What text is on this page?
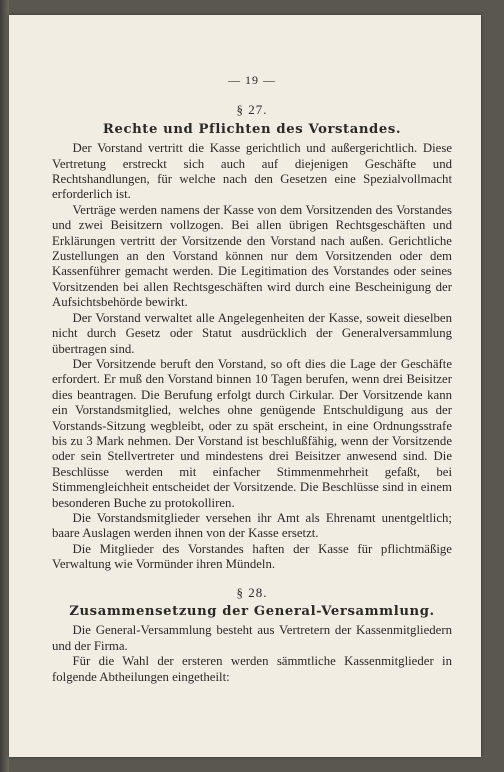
— 19 —
§ 27.
Rechte und Pflichten des Vorstandes.

Der Vorstand vertritt die Kasse gerichtlich und außergerichtlich. Diese Vertretung erstreckt sich auch auf diejenigen Geschäfte und Rechtshandlungen, für welche nach den Gesetzen eine Spezialvollmacht erforderlich ist.

Verträge werden namens der Kasse von dem Vorsitzenden des Vorstandes und zwei Beisitzern vollzogen. Bei allen übrigen Rechtsgeschäften und Erklärungen vertritt der Vorsitzende den Vorstand nach außen. Gerichtliche Zustellungen an den Vorstand können nur dem Vorsitzenden oder dem Kassenführer gemacht werden. Die Legitimation des Vorstandes oder seines Vorsitzenden bei allen Rechtsgeschäften wird durch eine Bescheinigung der Aufsichtsbehörde bewirkt.

Der Vorstand verwaltet alle Angelegenheiten der Kasse, soweit dieselben nicht durch Gesetz oder Statut ausdrücklich der Generalversammlung übertragen sind.

Der Vorsitzende beruft den Vorstand, so oft dies die Lage der Geschäfte erfordert. Er muß den Vorstand binnen 10 Tagen berufen, wenn drei Beisitzer dies beantragen. Die Berufung erfolgt durch Cirkular. Der Vorsitzende kann ein Vorstandsmitglied, welches ohne genügende Entschuldigung aus der Vorstands-Sitzung wegbleibt, oder zu spät erscheint, in eine Ordnungsstrafe bis zu 3 Mark nehmen. Der Vorstand ist beschlußfähig, wenn der Vorsitzende oder sein Stellvertreter und mindestens drei Beisitzer anwesend sind. Die Beschlüsse werden mit einfacher Stimmenmehrheit gefaßt, bei Stimmengleichheit entscheidet der Vorsitzende. Die Beschlüsse sind in einem besonderen Buche zu protokolliren.

Die Vorstandsmitglieder versehen ihr Amt als Ehrenamt unentgeltlich; baare Auslagen werden ihnen von der Kasse ersetzt.

Die Mitglieder des Vorstandes haften der Kasse für pflichtmäßige Verwaltung wie Vormünder ihren Mündeln.

§ 28.
Zusammensetzung der General-Versammlung.

Die General-Versammlung besteht aus Vertretern der Kassenmitgliedern und der Firma.

Für die Wahl der ersteren werden sämmtliche Kassenmitglieder in folgende Abtheilungen eingetheilt:
